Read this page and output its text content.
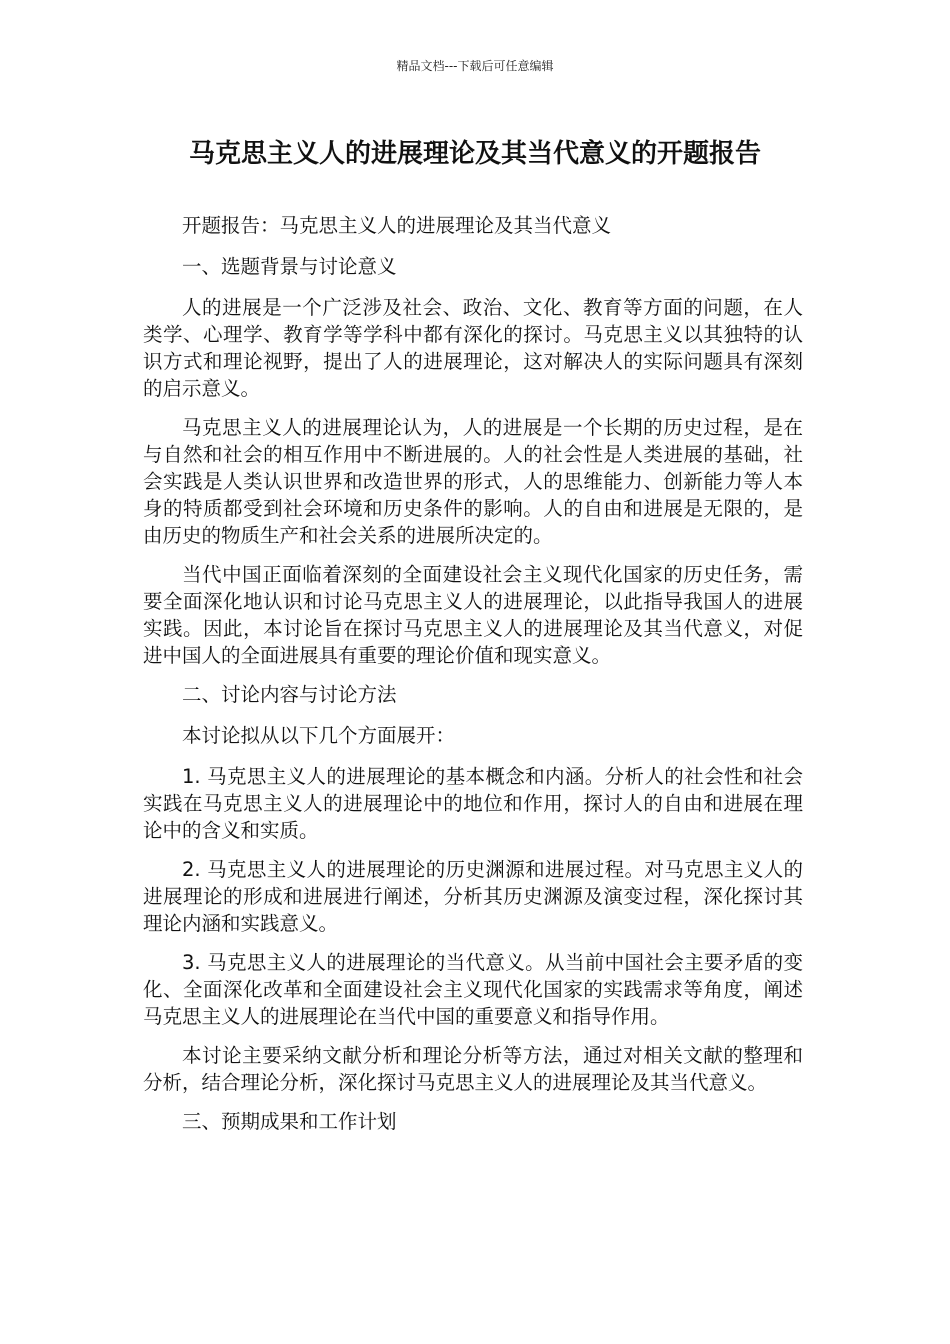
精品文档---下载后可任意编辑
马克思主义人的进展理论及其当代意义的开题报告

开题报告：马克思主义人的进展理论及其当代意义

一、选题背景与讨论意义

人的进展是一个广泛涉及社会、政治、文化、教育等方面的问题，在人类学、心理学、教育学等学科中都有深化的探讨。马克思主义以其独特的认识方式和理论视野，提出了人的进展理论，这对解决人的实际问题具有深刻的启示意义。

马克思主义人的进展理论认为，人的进展是一个长期的历史过程，是在与自然和社会的相互作用中不断进展的。人的社会性是人类进展的基础，社会实践是人类认识世界和改造世界的形式，人的思维能力、创新能力等人本身的特质都受到社会环境和历史条件的影响。人的自由和进展是无限的，是由历史的物质生产和社会关系的进展所决定的。

当代中国正面临着深刻的全面建设社会主义现代化国家的历史任务，需要全面深化地认识和讨论马克思主义人的进展理论，以此指导我国人的进展实践。因此，本讨论旨在探讨马克思主义人的进展理论及其当代意义，对促进中国人的全面进展具有重要的理论价值和现实意义。

二、讨论内容与讨论方法

本讨论拟从以下几个方面展开：

1. 马克思主义人的进展理论的基本概念和内涵。分析人的社会性和社会实践在马克思主义人的进展理论中的地位和作用，探讨人的自由和进展在理论中的含义和实质。

2. 马克思主义人的进展理论的历史渊源和进展过程。对马克思主义人的进展理论的形成和进展进行阐述，分析其历史渊源及演变过程，深化探讨其理论内涵和实践意义。

3. 马克思主义人的进展理论的当代意义。从当前中国社会主要矛盾的变化、全面深化改革和全面建设社会主义现代化国家的实践需求等角度，阐述马克思主义人的进展理论在当代中国的重要意义和指导作用。

本讨论主要采纳文献分析和理论分析等方法，通过对相关文献的整理和分析，结合理论分析，深化探讨马克思主义人的进展理论及其当代意义。

三、预期成果和工作计划
